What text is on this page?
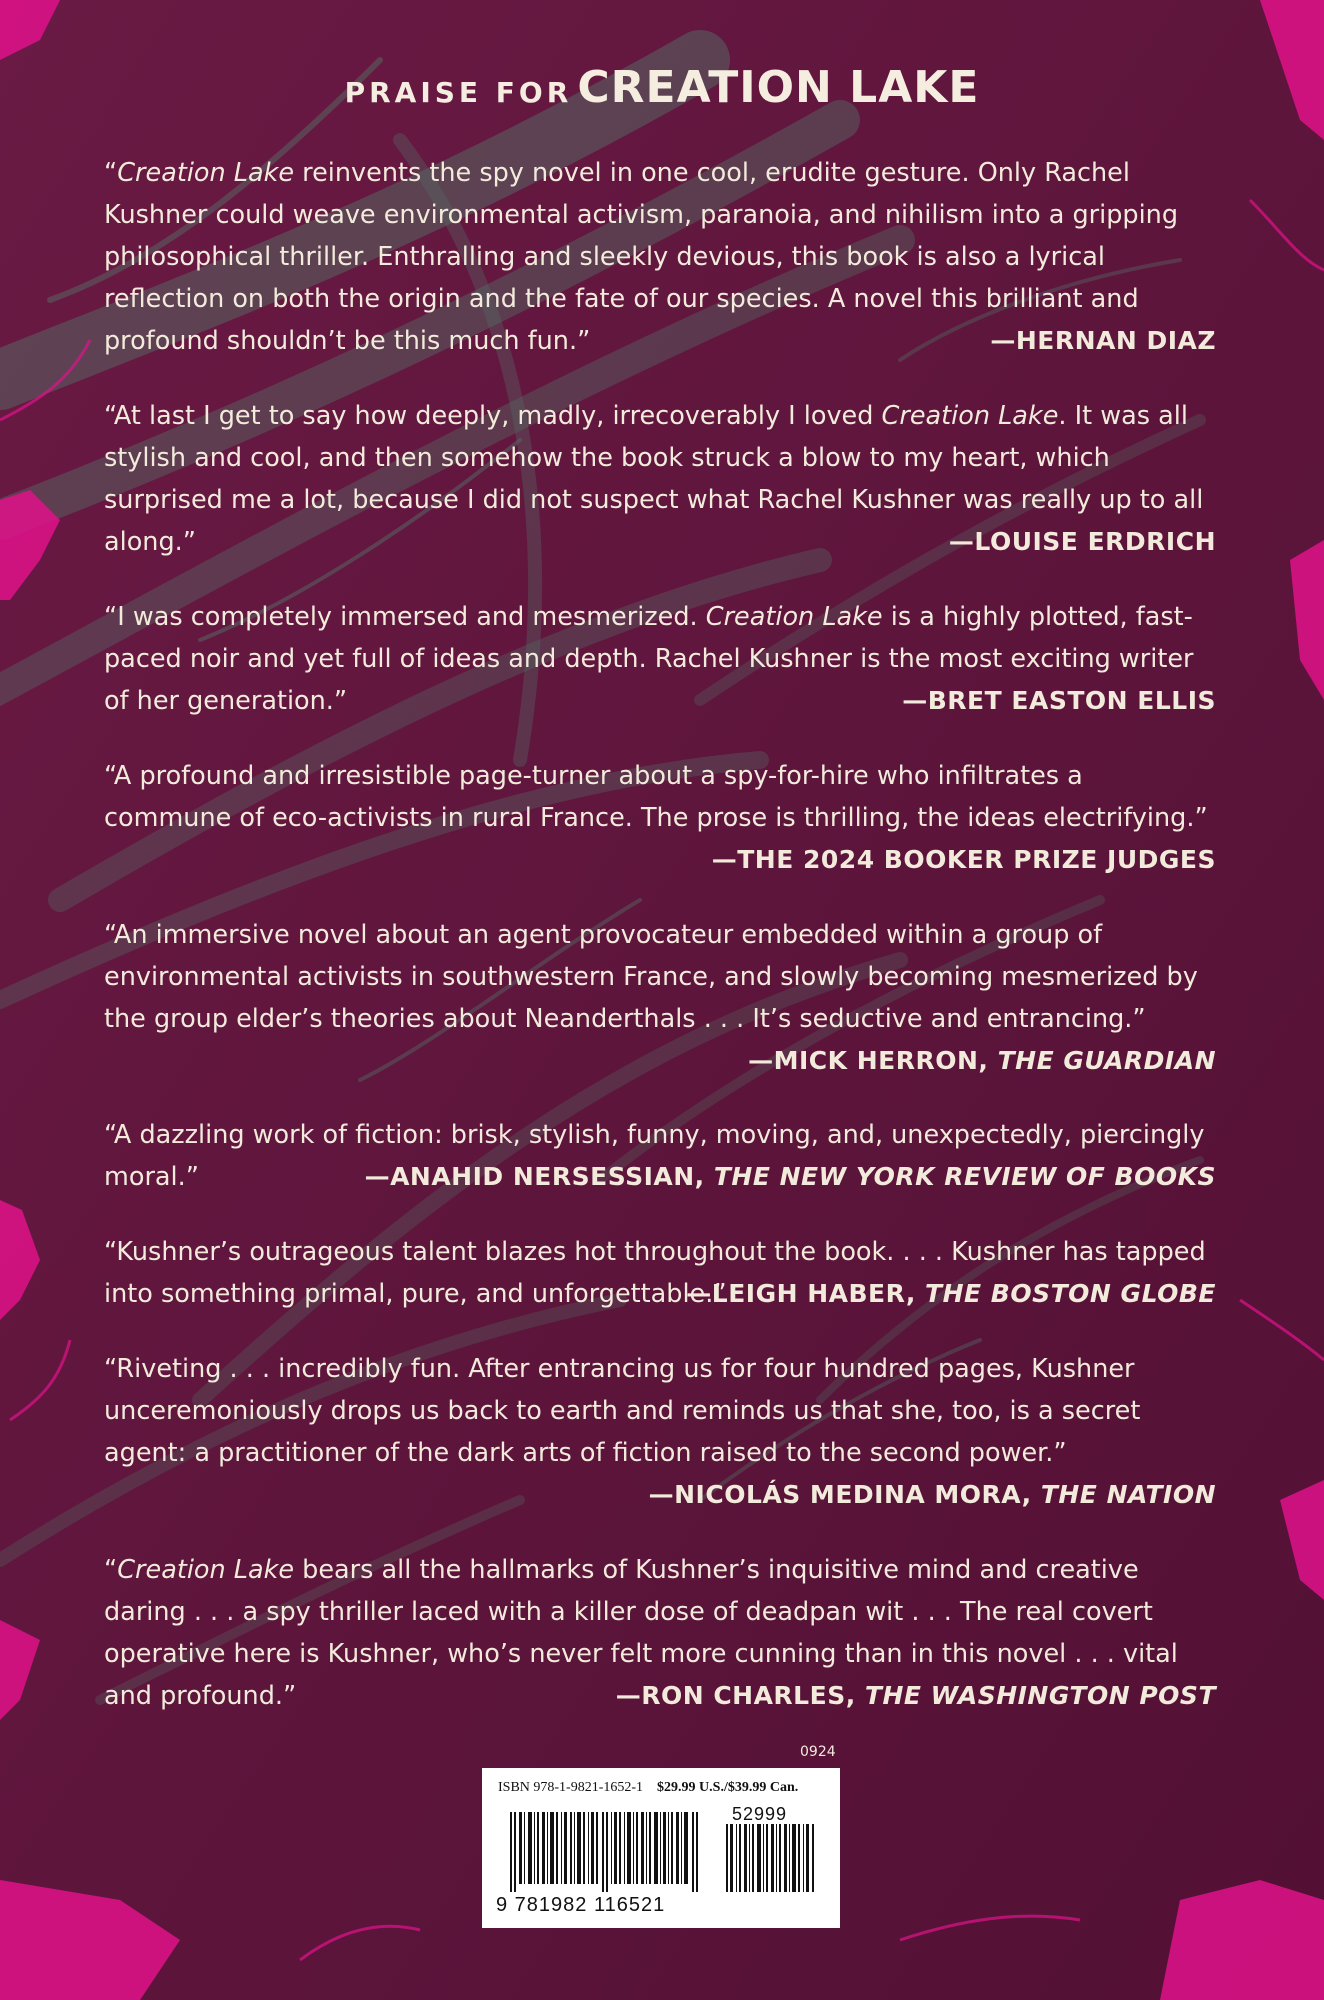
PRAISE FOR CREATION LAKE

“Creation Lake reinvents the spy novel in one cool, erudite gesture. Only Rachel Kushner could weave environmental activism, paranoia, and nihilism into a gripping philosophical thriller. Enthralling and sleekly devious, this book is also a lyrical reflection on both the origin and the fate of our species. A novel this brilliant and profound shouldn’t be this much fun.”	—HERNAN DIAZ

“At last I get to say how deeply, madly, irrecoverably I loved Creation Lake. It was all stylish and cool, and then somehow the book struck a blow to my heart, which surprised me a lot, because I did not suspect what Rachel Kushner was really up to all along.”	—LOUISE ERDRICH

“I was completely immersed and mesmerized. Creation Lake is a highly plotted, fast-paced noir and yet full of ideas and depth. Rachel Kushner is the most exciting writer of her generation.”	—BRET EASTON ELLIS

“A profound and irresistible page-turner about a spy-for-hire who infiltrates a commune of eco-activists in rural France. The prose is thrilling, the ideas electrifying.”

—THE 2024 BOOKER PRIZE JUDGES

“An immersive novel about an agent provocateur embedded within a group of environmental activists in southwestern France, and slowly becoming mesmerized by the group elder’s theories about Neanderthals . . . It’s seductive and entrancing.”

—MICK HERRON, THE GUARDIAN

“A dazzling work of fiction: brisk, stylish, funny, moving, and, unexpectedly, piercingly moral.”	—ANAHID NERSESSIAN, THE NEW YORK REVIEW OF BOOKS

“Kushner’s outrageous talent blazes hot throughout the book. . . . Kushner has tapped into something primal, pure, and unforgettable.”

—LEIGH HABER, THE BOSTON GLOBE

“Riveting . . . incredibly fun. After entrancing us for four hundred pages, Kushner unceremoniously drops us back to earth and reminds us that she, too, is a secret agent: a practitioner of the dark arts of fiction raised to the second power.”

—NICOLÁS MEDINA MORA, THE NATION

“Creation Lake bears all the hallmarks of Kushner’s inquisitive mind and creative daring . . . a spy thriller laced with a killer dose of deadpan wit . . . The real covert operative here is Kushner, who’s never felt more cunning than in this novel . . . vital and profound.”	—RON CHARLES, THE WASHINGTON POST
0924
ISBN 978-1-9821-1652-1 $29.99 U.S./$39.99 Can.
52999
9 781982 116521
